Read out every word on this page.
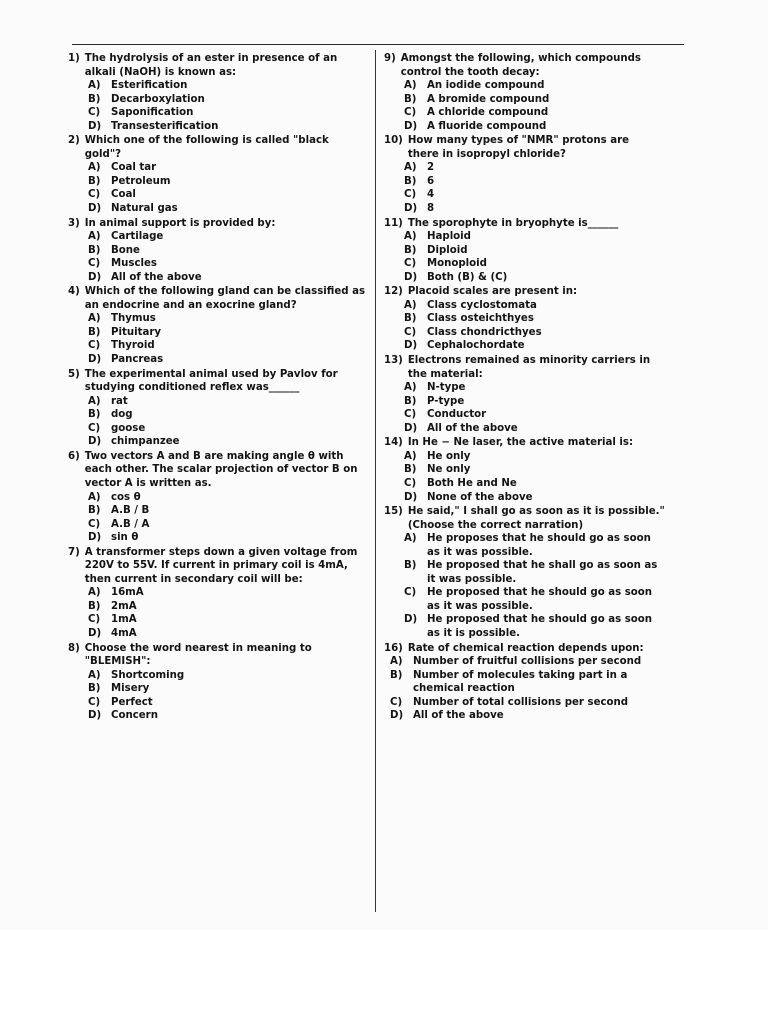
1) The hydrolysis of an ester in presence of an
alkali (NaOH) is known as:
A)	Esterification
B)	Decarboxylation
C)	Saponification
D) Transesterification
2) Which one of the following is called "black
gold"?
A)	Coal tar
B)	Petroleum
C)	Coal
D) Natural gas
3) In animal support is provided by:
A)	Cartilage
B)	Bone
C)	Muscles
D) All of the above
4) Which of the following gland can be classified as
an endocrine and an exocrine gland?
A)	Thymus
B)	Pituitary
C)	Thyroid
D) Pancreas
5) The experimental animal used by Pavlov for
studying conditioned reflex was______
A)	rat
B)	dog
C)	goose
D) chimpanzee
6) Two vectors A and B are making angle θ with
each other. The scalar projection of vector B on
vector A is written as.
A)	cos θ
B)	A.B / B
C)	A.B / A
D) sin θ
7) A transformer steps down a given voltage from
220V to 55V. If current in primary coil is 4mA,
then current in secondary coil will be:
A)	16mA
B)	2mA
C)	1mA
D) 4mA
8) Choose the word nearest in meaning to
"BLEMISH":
A)	Shortcoming
B)	Misery
C)	Perfect
D) Concern
9) Amongst the following, which compounds
control the tooth decay:
A)	An iodide compound
B)	A bromide compound
C)	A chloride compound
D) A fluoride compound
10) How many types of "NMR" protons are
there in isopropyl chloride?
A)	2
B)	6
C)	4
D) 8
11) The sporophyte in bryophyte is______
A)	Haploid
B)	Diploid
C)	Monoploid
D) Both (B) & (C)
12) Placoid scales are present in:
A)	Class cyclostomata
B)	Class osteichthyes
C)	Class chondricthyes
D) Cephalochordate
13) Electrons remained as minority carriers in
the material:
A)	N-type
B)	P-type
C)	Conductor
D) All of the above
14) In He − Ne laser, the active material is:
A)	He only
B)	Ne only
C)	Both He and Ne
D) None of the above
15) He said," I shall go as soon as it is possible."
(Choose the correct narration)
A)	He proposes that he should go as soon
as it was possible.
B)	He proposed that he shall go as soon as
it was possible.
C)	He proposed that he should go as soon
as it was possible.
D) He proposed that he should go as soon
as it is possible.
16) Rate of chemical reaction depends upon:
A)	Number of fruitful collisions per second
B)	Number of molecules taking part in a
chemical reaction
C)	Number of total collisions per second
D) All of the above
